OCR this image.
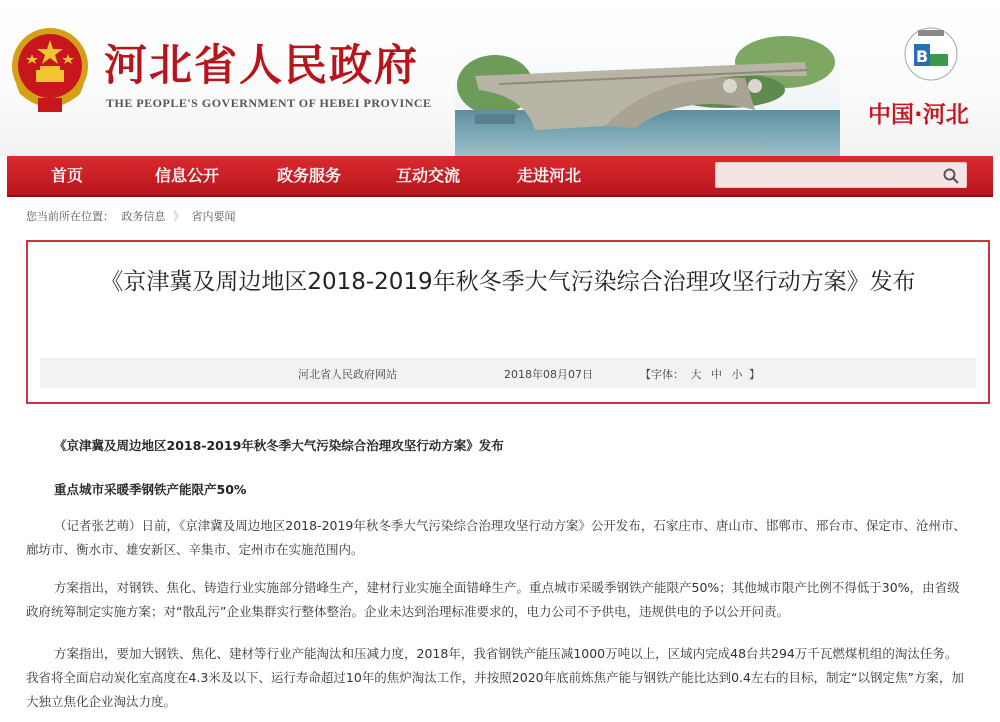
河北省人民政府
THE PEOPLE'S GOVERNMENT OF HEBEI PROVINCE
B
中国·河北
首页	信息公开	政务服务	互动交流	走进河北
您当前所在位置： 政务信息 》 省内要闻
《京津冀及周边地区2018-2019年秋冬季大气污染综合治理攻坚行动方案》发布
河北省人民政府网站	2018年08月07日	【字体： 大 中 小 】
《京津冀及周边地区2018-2019年秋冬季大气污染综合治理攻坚行动方案》发布
重点城市采暖季钢铁产能限产50%
（记者张艺萌）日前，《京津冀及周边地区2018-2019年秋冬季大气污染综合治理攻坚行动方案》公开发布，石家庄市、唐山市、邯郸市、邢台市、保定市、沧州市、廊坊市、衡水市、雄安新区、辛集市、定州市在实施范围内。
方案指出，对钢铁、焦化、铸造行业实施部分错峰生产，建材行业实施全面错峰生产。重点城市采暖季钢铁产能限产50%；其他城市限产比例不得低于30%，由省级政府统筹制定实施方案；对“散乱污”企业集群实行整体整治。企业未达到治理标准要求的，电力公司不予供电，违规供电的予以公开问责。
方案指出，要加大钢铁、焦化、建材等行业产能淘汰和压减力度，2018年，我省钢铁产能压减1000万吨以上，区域内完成48台共294万千瓦燃煤机组的淘汰任务。我省将全面启动炭化室高度在4.3米及以下、运行寿命超过10年的焦炉淘汰工作，并按照2020年底前炼焦产能与钢铁产能比达到0.4左右的目标，制定“以钢定焦”方案，加大独立焦化企业淘汰力度。
